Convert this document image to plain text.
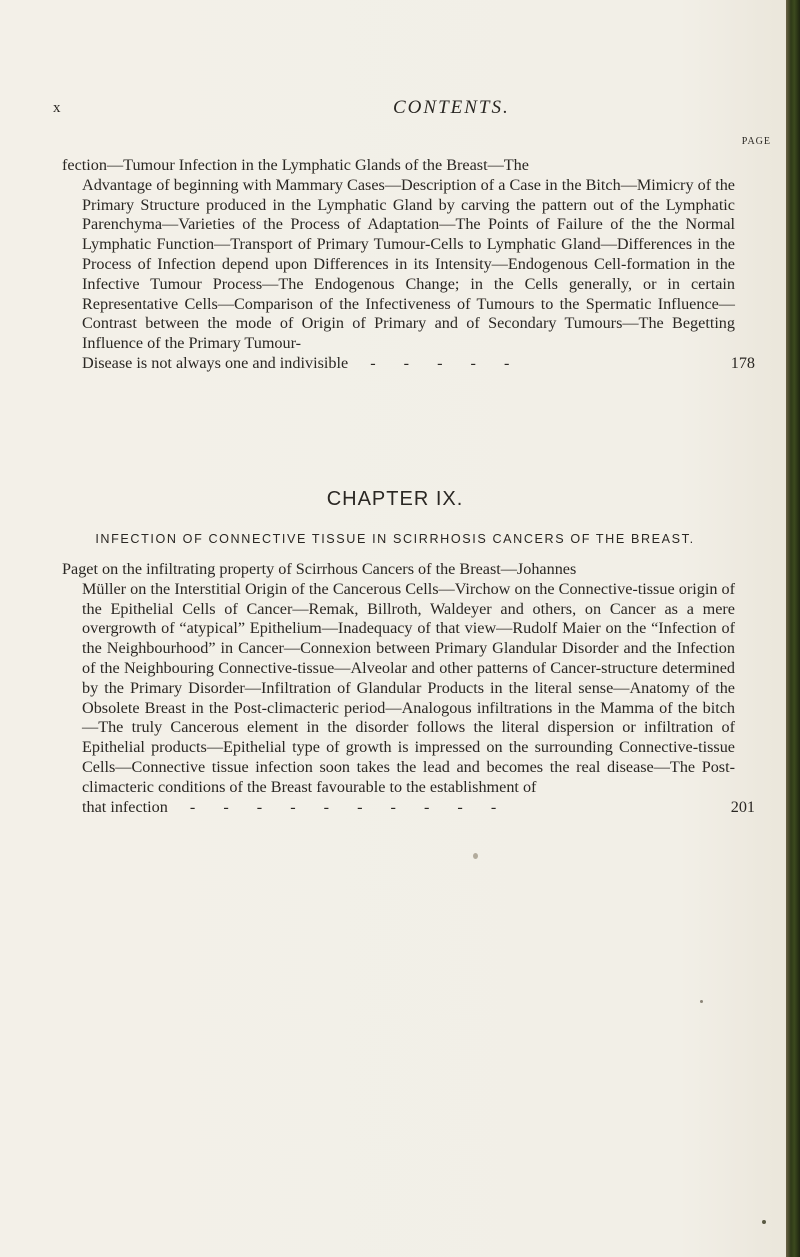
x	CONTENTS.
PAGE
fection—Tumour Infection in the Lymphatic Glands of the Breast—The
Advantage of beginning with Mammary Cases—Description of a Case in the Bitch—Mimicry of the Primary Structure produced in the Lymphatic Gland by carving the pattern out of the Lymphatic Parenchyma—Varieties of the Process of Adaptation—The Points of Failure of the the Normal Lymphatic Function—Transport of Primary Tumour-Cells to Lymphatic Gland—Differences in the Process of Infection depend upon Differences in its Intensity—Endogenous Cell-formation in the Infective Tumour Process—The Endogenous Change; in the Cells generally, or in certain Representative Cells—Comparison of the Infectiveness of Tumours to the Spermatic Influence—Contrast between the mode of Origin of Primary and of Secondary Tumours—The Begetting Influence of the Primary Tumour-
Disease is not always one and indivisible - - - - -	178
CHAPTER IX.
INFECTION OF CONNECTIVE TISSUE IN SCIRRHOSIS CANCERS OF THE BREAST.
Paget on the infiltrating property of Scirrhous Cancers of the Breast—Johannes
Müller on the Interstitial Origin of the Cancerous Cells—Virchow on the Connective-tissue origin of the Epithelial Cells of Cancer—Remak, Billroth, Waldeyer and others, on Cancer as a mere overgrowth of “atypical” Epithelium—Inadequacy of that view—Rudolf Maier on the “Infection of the Neighbourhood” in Cancer—Connexion between Primary Glandular Disorder and the Infection of the Neighbouring Connective-tissue—Alveolar and other patterns of Cancer-structure determined by the Primary Disorder—Infiltration of Glandular Products in the literal sense—Anatomy of the Obsolete Breast in the Post-climacteric period—Analogous infiltrations in the Mamma of the bitch—The truly Cancerous element in the disorder follows the literal dispersion or infiltration of Epithelial products—Epithelial type of growth is impressed on the surrounding Connective-tissue Cells—Connective tissue infection soon takes the lead and becomes the real disease—The Post-climacteric conditions of the Breast favourable to the establishment of
that infection - - - - - - - - - -	201
